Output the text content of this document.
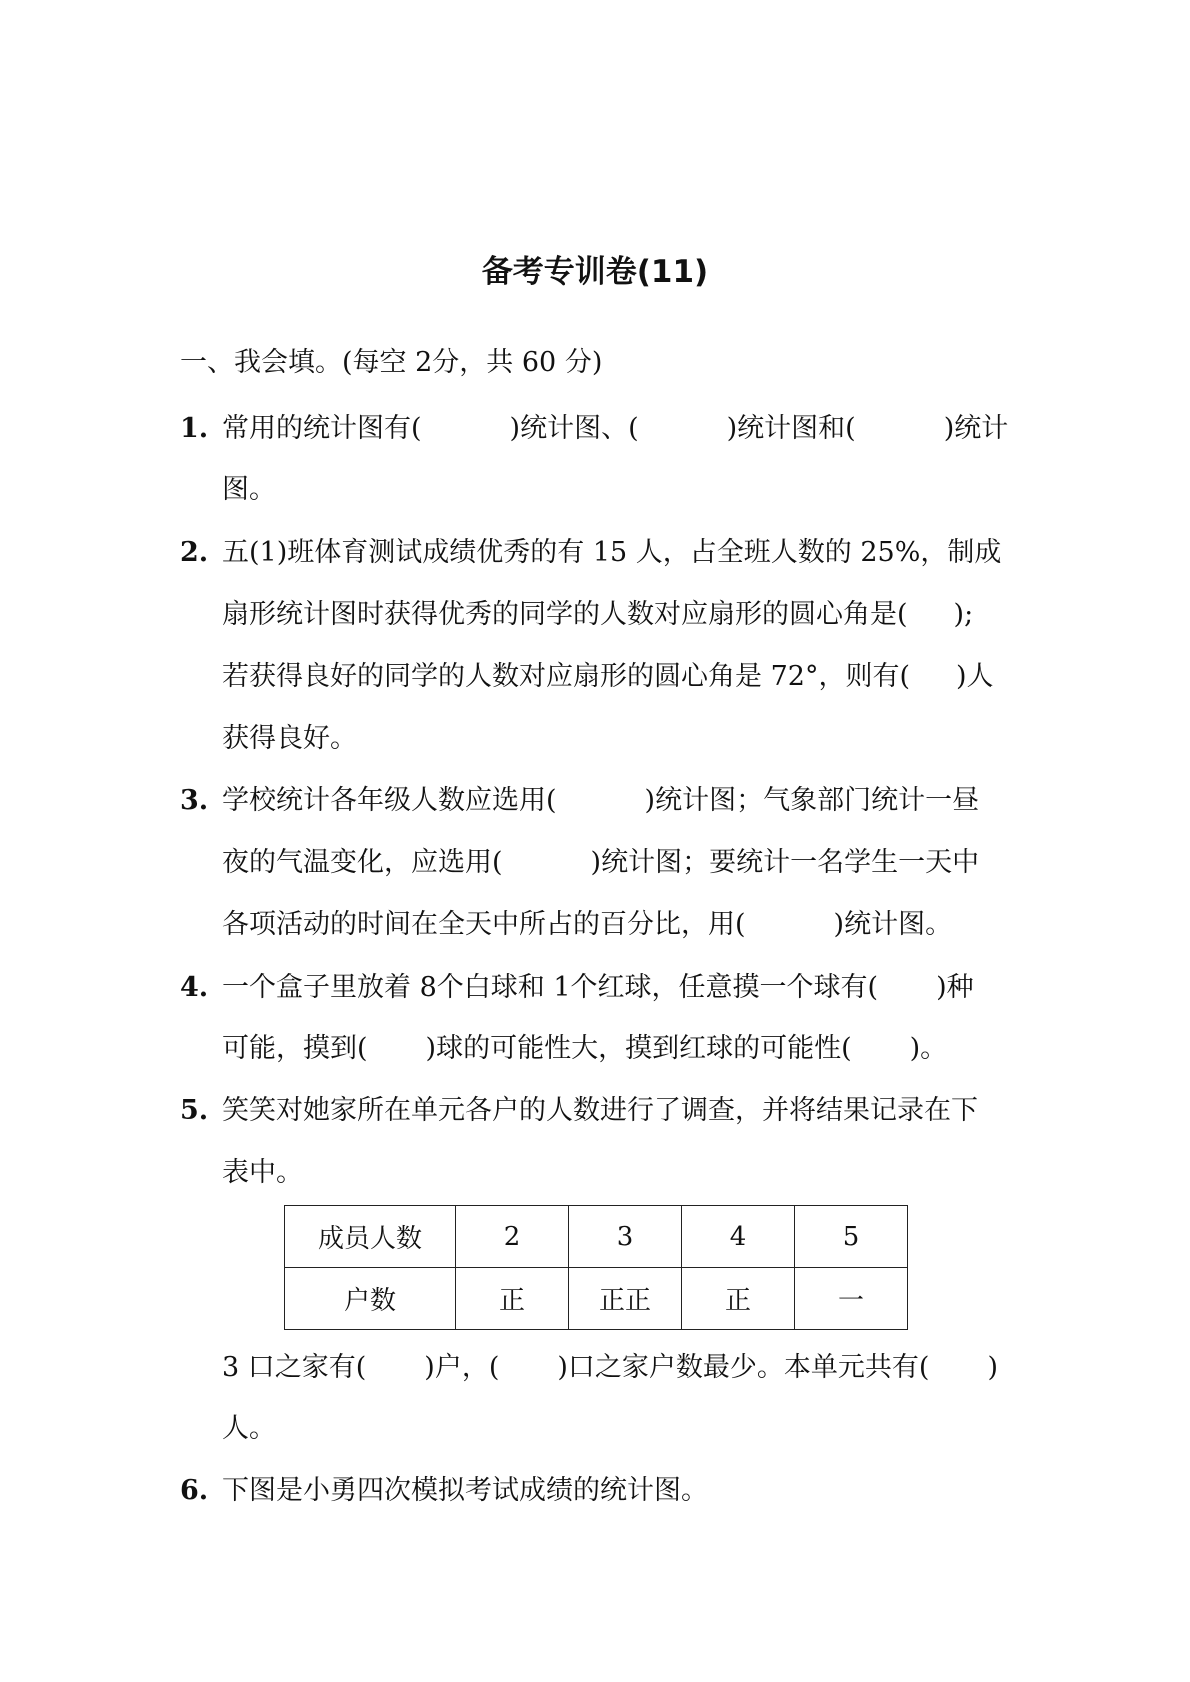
备考专训卷(11)
一、我会填。(每空 2分，共 60 分)
1. 常用的统计图有(	)统计图、(	)统计图和(	)统计
图。
2. 五(1)班体育测试成绩优秀的有 15 人，占全班人数的 25%，制成
扇形统计图时获得优秀的同学的人数对应扇形的圆心角是( );
若获得良好的同学的人数对应扇形的圆心角是 72°，则有( )人
获得良好。
3. 学校统计各年级人数应选用(	)统计图；气象部门统计一昼
夜的气温变化，应选用(	)统计图；要统计一名学生一天中
各项活动的时间在全天中所占的百分比，用(	)统计图。
4. 一个盒子里放着 8个白球和 1个红球，任意摸一个球有( )种
可能，摸到( )球的可能性大，摸到红球的可能性( )。
5. 笑笑对她家所在单元各户的人数进行了调查，并将结果记录在下
表中。
成员人数	2	3	4	5
户数	正	正正	正	一
3 口之家有( )户，( )口之家户数最少。本单元共有( )
人。
6. 下图是小勇四次模拟考试成绩的统计图。
